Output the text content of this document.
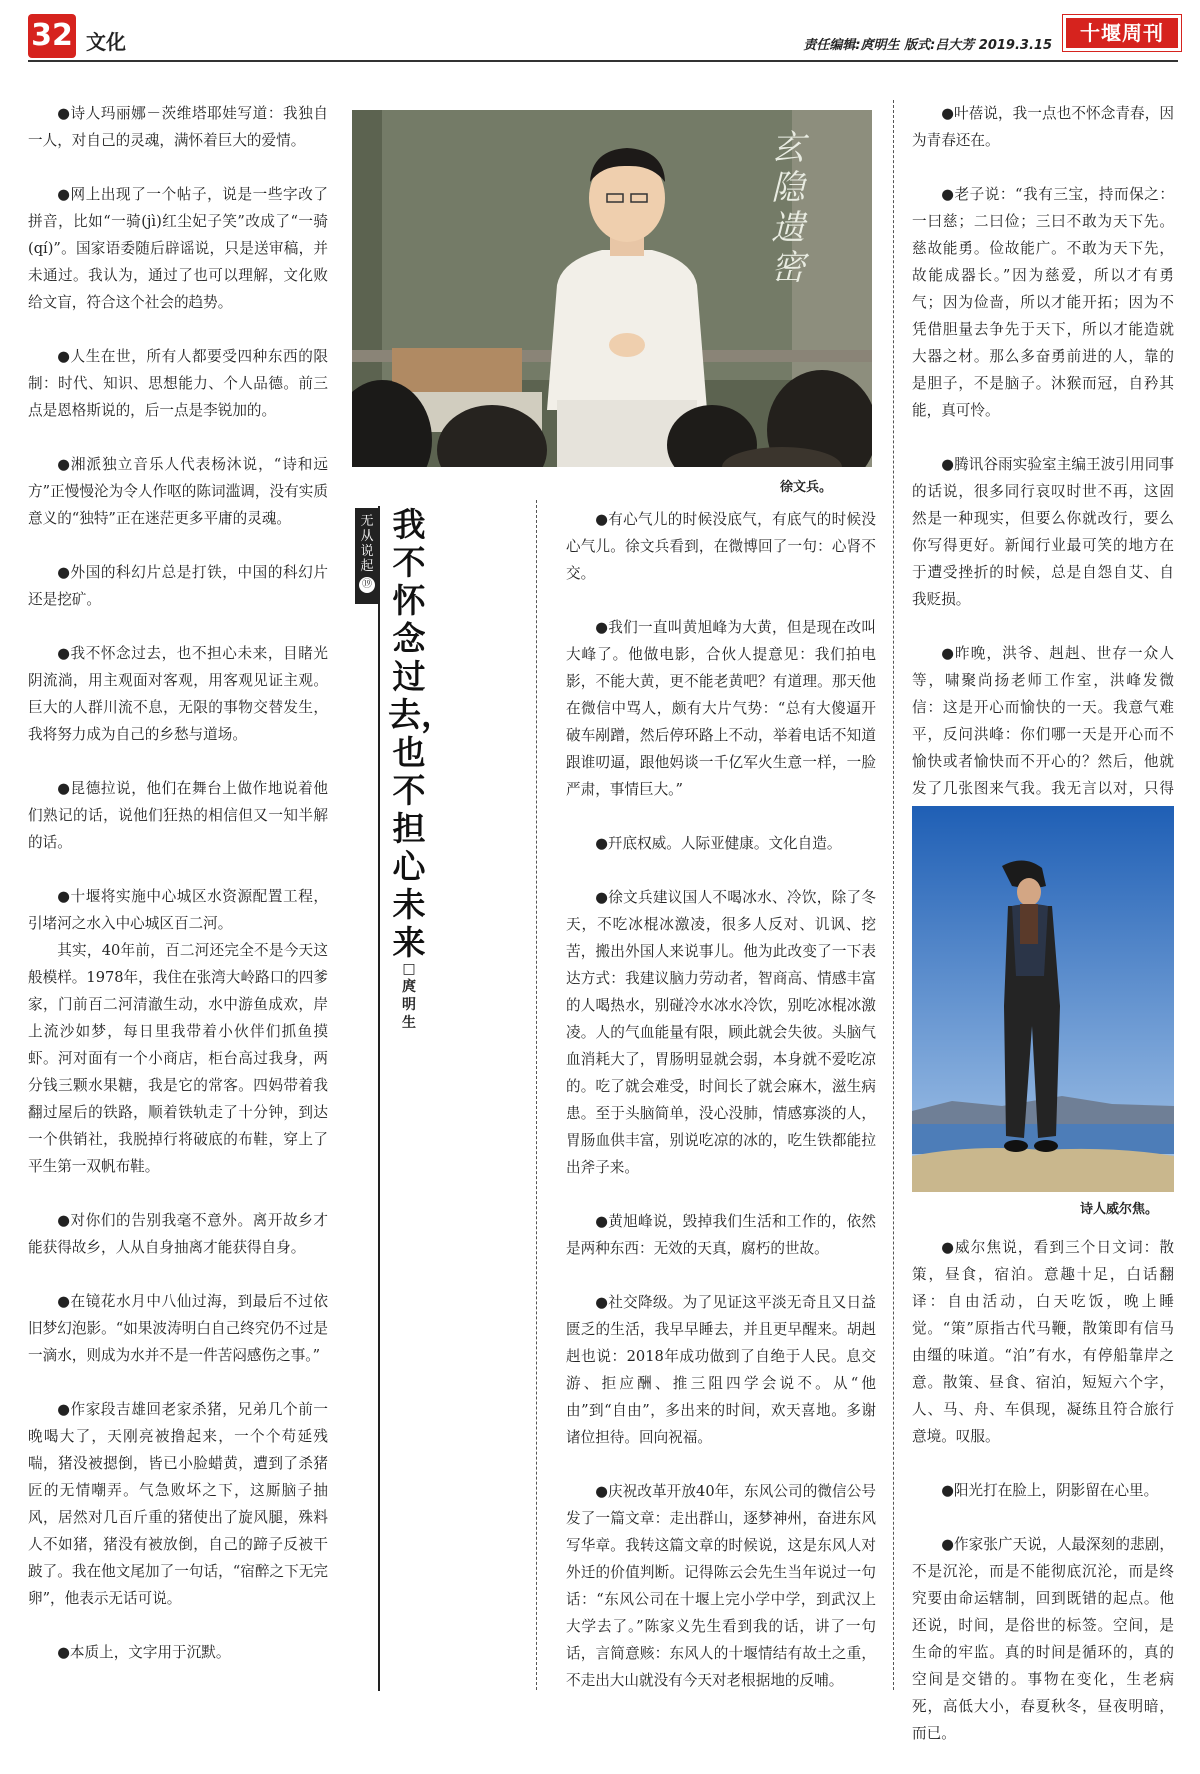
32 文化	责任编辑:庹明生 版式:吕大芳 2019.3.15
十堰周刊

●诗人玛丽娜－茨维塔耶娃写道：我独自一人，对自己的灵魂，满怀着巨大的爱情。

●网上出现了一个帖子，说是一些字改了拼音，比如“一骑(jì)红尘妃子笑”改成了“一骑(qí)”。国家语委随后辟谣说，只是送审稿，并未通过。我认为，通过了也可以理解，文化败给文盲，符合这个社会的趋势。

●人生在世，所有人都要受四种东西的限制：时代、知识、思想能力、个人品德。前三点是恩格斯说的，后一点是李锐加的。

●湘派独立音乐人代表杨沐说，“诗和远方”正慢慢沦为令人作呕的陈词滥调，没有实质意义的“独特”正在迷茫更多平庸的灵魂。

●外国的科幻片总是打铁，中国的科幻片还是挖矿。

●我不怀念过去，也不担心未来，目睹光阴流淌，用主观面对客观，用客观见证主观。巨大的人群川流不息，无限的事物交替发生，我将努力成为自己的乡愁与道场。

●昆德拉说，他们在舞台上做作地说着他们熟记的话，说他们狂热的相信但又一知半解的话。

●十堰将实施中心城区水资源配置工程，引堵河之水入中心城区百二河。

其实，40年前，百二河还完全不是今天这般模样。1978年，我住在张湾大岭路口的四爹家，门前百二河清澈生动，水中游鱼成欢，岸上流沙如梦，每日里我带着小伙伴们抓鱼摸虾。河对面有一个小商店，柜台高过我身，两分钱三颗水果糖，我是它的常客。四妈带着我翻过屋后的铁路，顺着铁轨走了十分钟，到达一个供销社，我脱掉行将破底的布鞋，穿上了平生第一双帆布鞋。

●对你们的告别我毫不意外。离开故乡才能获得故乡，人从自身抽离才能获得自身。

●在镜花水月中八仙过海，到最后不过依旧梦幻泡影。“如果波涛明白自己终究仍不过是一滴水，则成为水并不是一件苦闷感伤之事。”

●作家段吉雄回老家杀猪，兄弟几个前一晚喝大了，天刚亮被撸起来，一个个苟延残喘，猪没被摁倒，皆已小脸蜡黄，遭到了杀猪匠的无情嘲弄。气急败坏之下，这厮脑子抽风，居然对几百斤重的猪使出了旋风腿，殊料人不如猪，猪没有被放倒，自己的蹄子反被干跛了。我在他文尾加了一句话，“宿醉之下无完卵”，他表示无话可说。

●本质上，文字用于沉默。

玄隐遗密
徐文兵。
无从说起
⑲
我不怀念过去，也不担心未来
□庹明生

●有心气儿的时候没底气，有底气的时候没心气儿。徐文兵看到，在微博回了一句：心肾不交。

●我们一直叫黄旭峰为大黄，但是现在改叫大峰了。他做电影，合伙人提意见：我们拍电影，不能大黄，更不能老黄吧？有道理。那天他在微信中骂人，颇有大片气势：“总有大傻逼开破车剐蹭，然后停环路上不动，举着电话不知道跟谁叨逼，跟他妈谈一千亿军火生意一样，一脸严肃，事情巨大。”

●幵底权威。人际亚健康。文化自造。

●徐文兵建议国人不喝冰水、冷饮，除了冬天，不吃冰棍冰激凌，很多人反对、讥讽、挖苦，搬出外国人来说事儿。他为此改变了一下表达方式：我建议脑力劳动者，智商高、情感丰富的人喝热水，别碰冷水冰水冷饮，别吃冰棍冰激凌。人的气血能量有限，顾此就会失彼。头脑气血消耗大了，胃肠明显就会弱，本身就不爱吃凉的。吃了就会难受，时间长了就会麻木，滋生病患。至于头脑简单，没心没肺，情感寡淡的人，胃肠血供丰富，别说吃凉的冰的，吃生铁都能拉出斧子来。

●黄旭峰说，毁掉我们生活和工作的，依然是两种东西：无效的天真，腐朽的世故。

●社交降级。为了见证这平淡无奇且又日益匮乏的生活，我早早睡去，并且更早醒来。胡赳赳也说：2018年成功做到了自绝于人民。息交游、拒应酬、推三阻四学会说不。从“他由”到“自由”，多出来的时间，欢天喜地。多谢诸位担待。回向祝福。

●庆祝改革开放40年，东风公司的微信公号发了一篇文章：走出群山，逐梦神州，奋进东风写华章。我转这篇文章的时候说，这是东风人对外迁的价值判断。记得陈云会先生当年说过一句话：“东风公司在十堰上完小学中学，到武汉上大学去了。”陈家义先生看到我的话，讲了一句话，言简意赅：东风人的十堰情结有故土之重，不走出大山就没有今天对老根据地的反哺。

●叶蓓说，我一点也不怀念青春，因为青春还在。

●老子说：“我有三宝，持而保之：一曰慈；二曰俭；三曰不敢为天下先。慈故能勇。俭故能广。不敢为天下先，故能成器长。”因为慈爱，所以才有勇气；因为俭啬，所以才能开拓；因为不凭借胆量去争先于天下，所以才能造就大器之材。那么多奋勇前进的人，靠的是胆子，不是脑子。沐猴而冠，自矜其能，真可怜。

●腾讯谷雨实验室主编王波引用同事的话说，很多同行哀叹时世不再，这固然是一种现实，但要么你就改行，要么你写得更好。新闻行业最可笑的地方在于遭受挫折的时候，总是自怨自艾、自我贬损。

●昨晚，洪爷、赳赳、世存一众人等，啸聚尚扬老师工作室，洪峰发微信：这是开心而愉快的一天。我意气难平，反问洪峰：你们哪一天是开心而不愉快或者愉快而不开心的？然后，他就发了几张图来气我。我无言以对，只得

诗人威尔焦。

●威尔焦说，看到三个日文词：散策，昼食，宿泊。意趣十足，白话翻译：自由活动，白天吃饭，晚上睡觉。“策”原指古代马鞭，散策即有信马由缰的味道。“泊”有水，有停船靠岸之意。散策、昼食、宿泊，短短六个字，人、马、舟、车俱现，凝练且符合旅行意境。叹服。

●阳光打在脸上，阴影留在心里。

●作家张广天说，人最深刻的悲剧，不是沉沦，而是不能彻底沉沦，而是终究要由命运辖制，回到既错的起点。他还说，时间，是俗世的标签。空间，是生命的牢监。真的时间是循环的，真的空间是交错的。事物在变化，生老病死，高低大小，春夏秋冬，昼夜明暗，而已。
